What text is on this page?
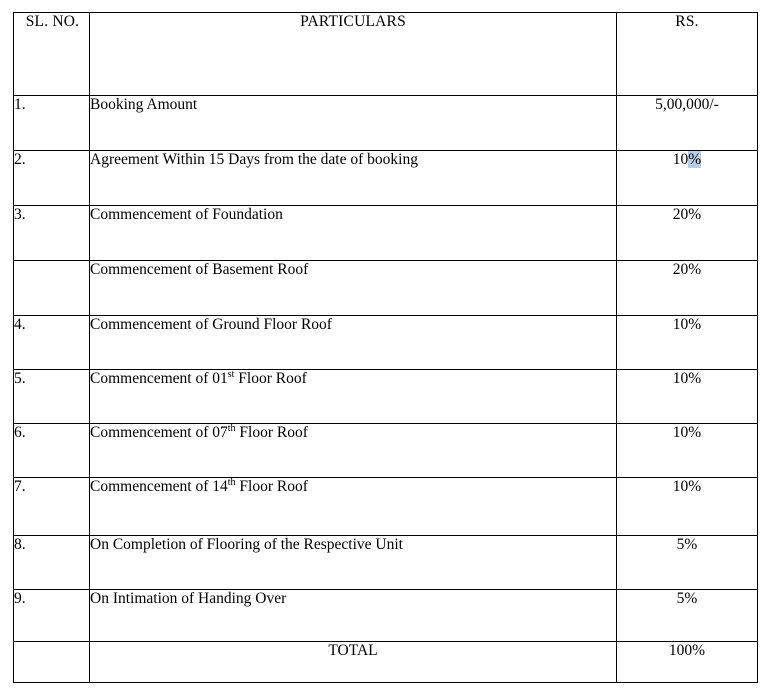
SL. NO.	PARTICULARS	RS.
1.	Booking Amount	5,00,000/-
2.	Agreement Within 15 Days from the date of booking	10%
3.	Commencement of Foundation	20%
	Commencement of Basement Roof	20%
4.	Commencement of Ground Floor Roof	10%
5.	Commencement of 01st Floor Roof	10%
6.	Commencement of 07th Floor Roof	10%
7.	Commencement of 14th Floor Roof	10%
8.	On Completion of Flooring of the Respective Unit	5%
9.	On Intimation of Handing Over	5%
	TOTAL	100%
